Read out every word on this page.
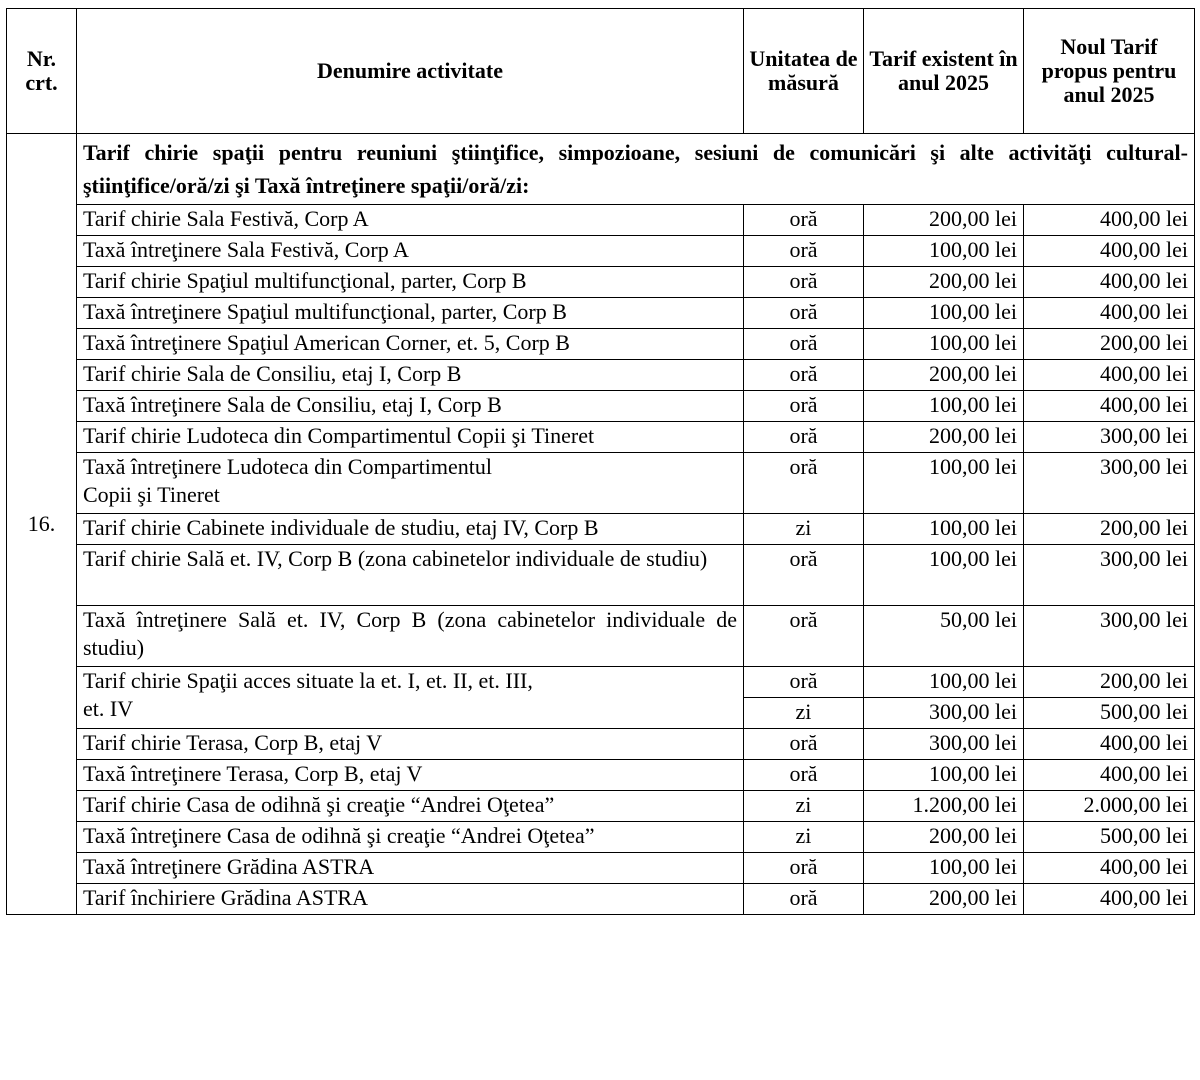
Nr. crt.	Denumire activitate	Unitatea de măsură	Tarif existent în anul 2025	Noul Tarif propus pentru anul 2025
16.	Tarif chirie spaţii pentru reuniuni ştiinţifice, simpozioane, sesiuni de comunicări şi alte activităţi cultural-ştiinţifice/oră/zi şi Taxă întreţinere spaţii/oră/zi:			
	Tarif chirie Sala Festivă, Corp A	oră	200,00 lei	400,00 lei
	Taxă întreţinere Sala Festivă, Corp A	oră	100,00 lei	400,00 lei
	Tarif chirie Spaţiul multifuncţional, parter, Corp B	oră	200,00 lei	400,00 lei
	Taxă întreţinere Spaţiul multifuncţional, parter, Corp B	oră	100,00 lei	400,00 lei
	Taxă întreţinere Spaţiul American Corner, et. 5, Corp B	oră	100,00 lei	200,00 lei
	Tarif chirie Sala de Consiliu, etaj I, Corp B	oră	200,00 lei	400,00 lei
	Taxă întreţinere Sala de Consiliu, etaj I, Corp B	oră	100,00 lei	400,00 lei
	Tarif chirie Ludoteca din Compartimentul Copii şi Tineret	oră	200,00 lei	300,00 lei

	Taxă întreţinere Ludoteca din Compartimentul
Copii şi Tineret	oră	100,00 lei	300,00 lei
	Tarif chirie Cabinete individuale de studiu, etaj IV, Corp B	zi	100,00 lei	200,00 lei
	Tarif chirie Sală et. IV, Corp B (zona cabinetelor individuale de studiu)	oră	100,00 lei	300,00 lei
	Taxă întreţinere Sală et. IV, Corp B (zona cabinetelor individuale de studiu)	oră	50,00 lei	300,00 lei

	Tarif chirie Spaţii acces situate la et. I, et. II, et. III,
et. IV	oră	100,00 lei	200,00 lei
		zi	300,00 lei	500,00 lei
	Tarif chirie Terasa, Corp B, etaj V	oră	300,00 lei	400,00 lei
	Taxă întreţinere Terasa, Corp B, etaj V	oră	100,00 lei	400,00 lei
	Tarif chirie Casa de odihnă şi creaţie “Andrei Oţetea”	zi	1.200,00 lei	2.000,00 lei
	Taxă întreţinere Casa de odihnă şi creaţie “Andrei Oţetea”	zi	200,00 lei	500,00 lei
	Taxă întreţinere Grădina ASTRA	oră	100,00 lei	400,00 lei
	Tarif închiriere Grădina ASTRA	oră	200,00 lei	400,00 lei
